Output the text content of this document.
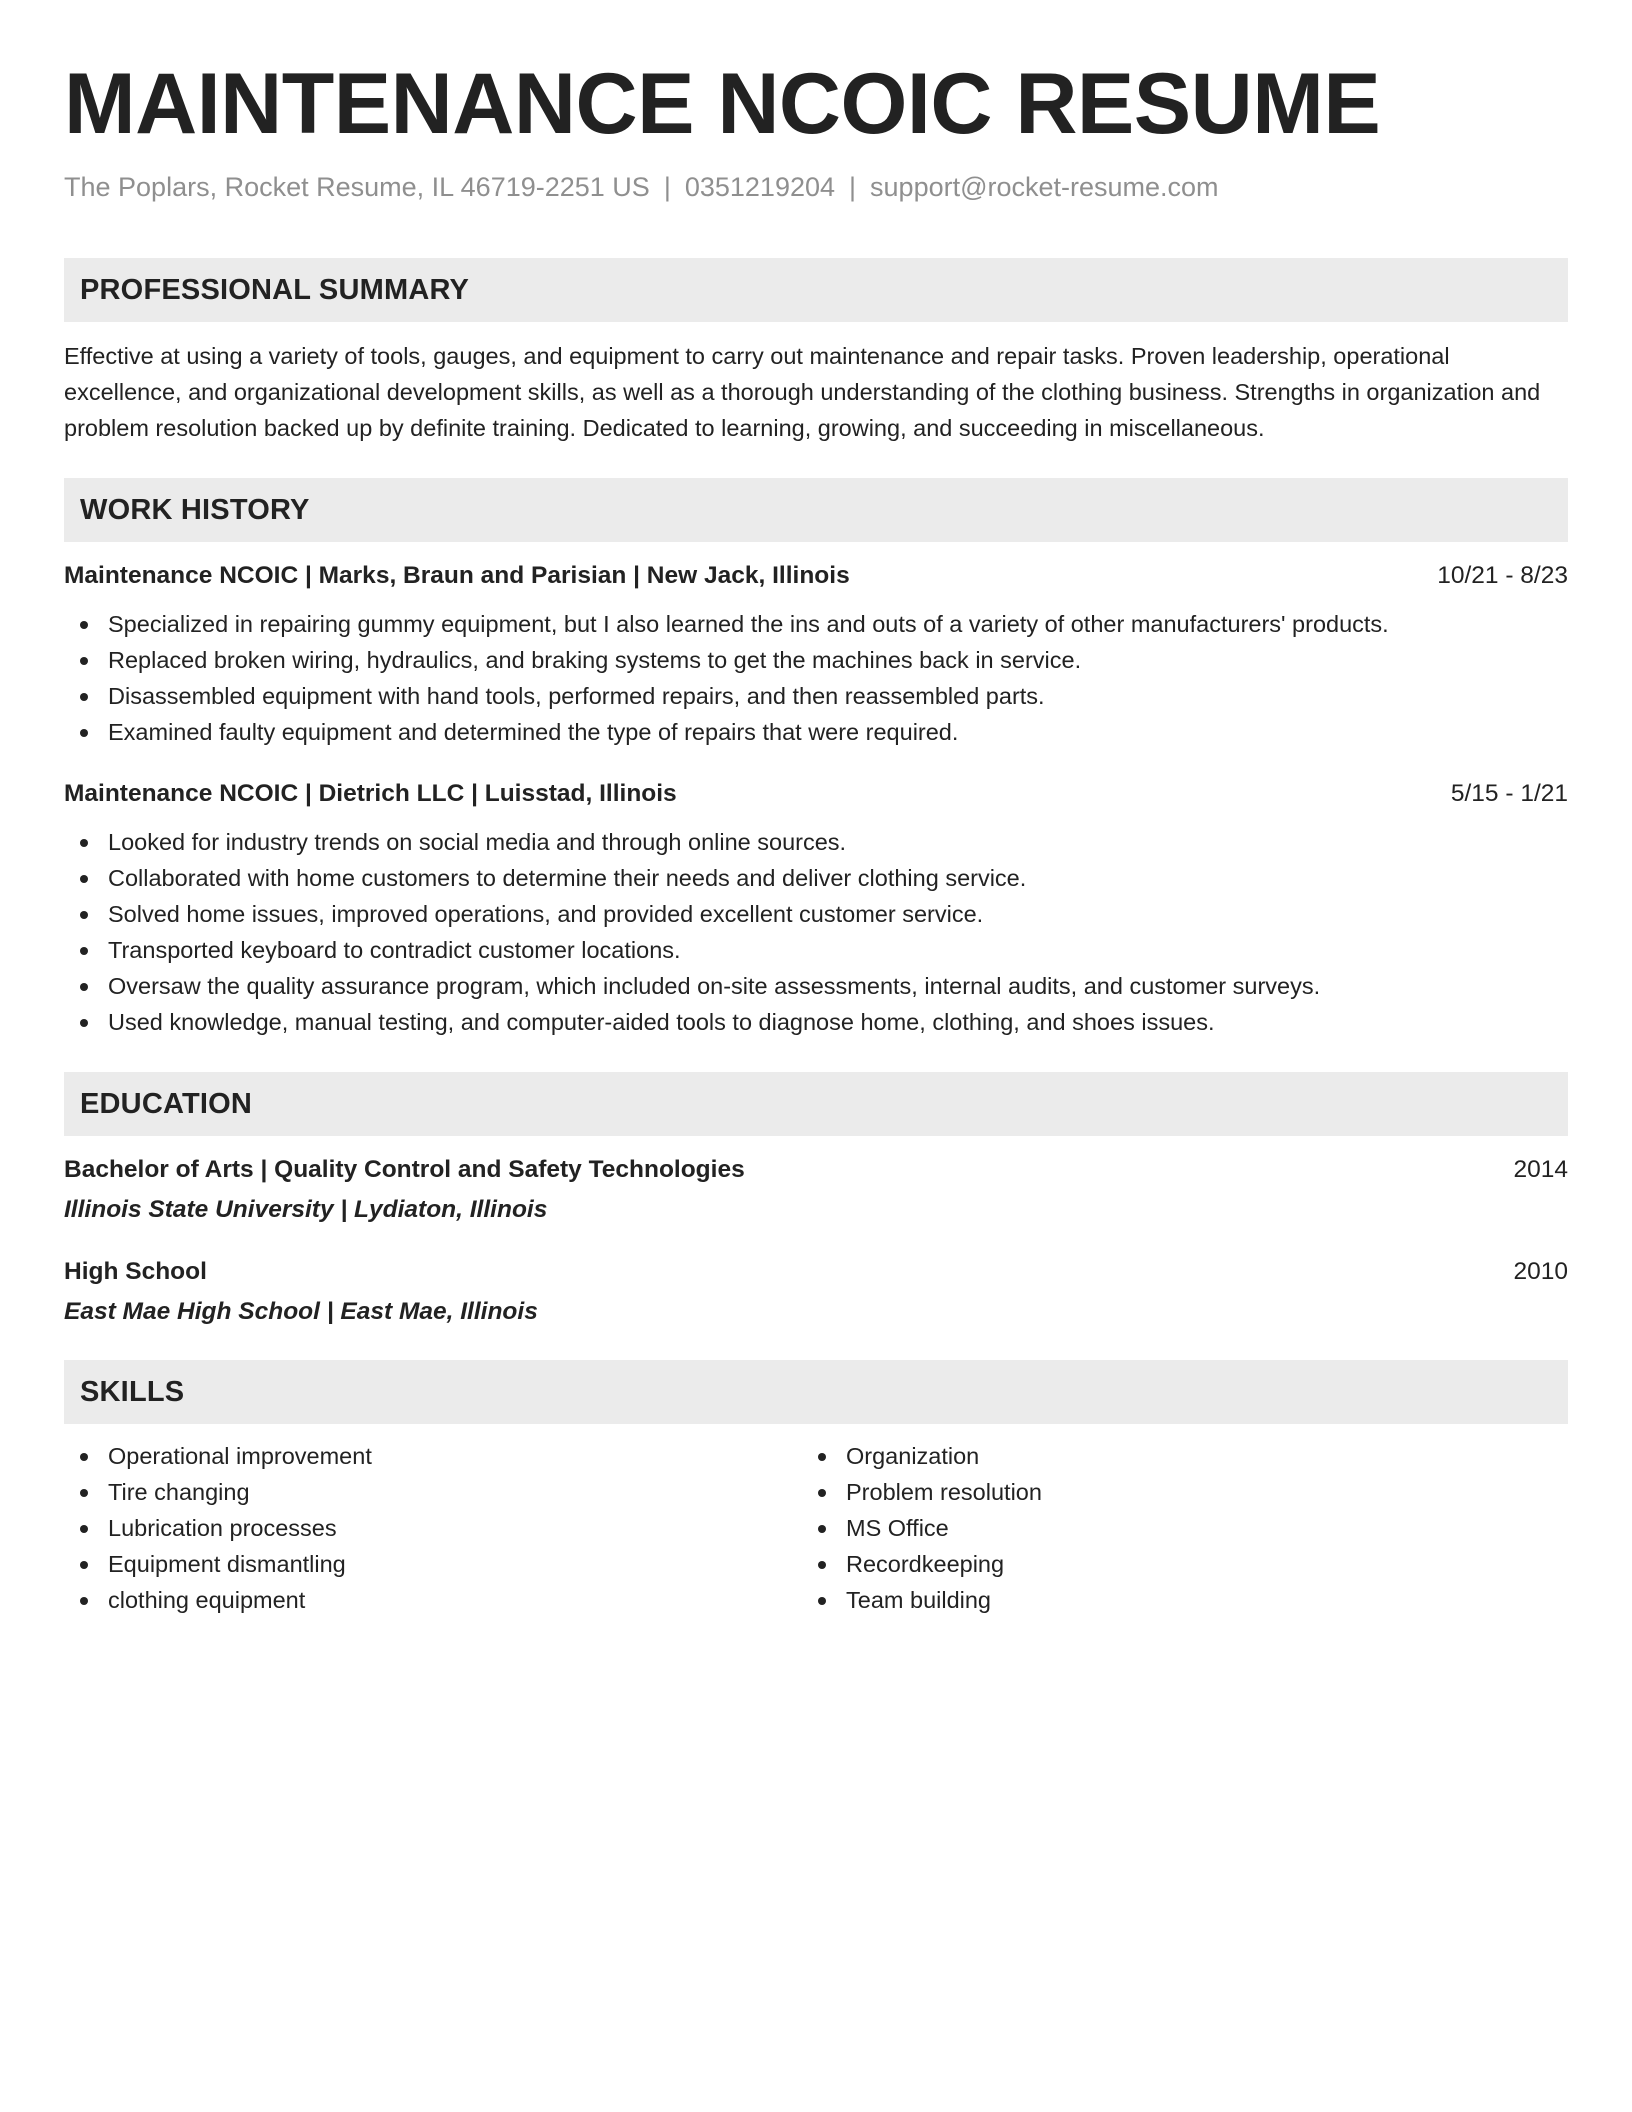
MAINTENANCE NCOIC RESUME
The Poplars, Rocket Resume, IL 46719-2251 US | 0351219204 | support@rocket-resume.com
PROFESSIONAL SUMMARY

Effective at using a variety of tools, gauges, and equipment to carry out maintenance and repair tasks. Proven leadership, operational excellence, and organizational development skills, as well as a thorough understanding of the clothing business. Strengths in organization and problem resolution backed up by definite training. Dedicated to learning, growing, and succeeding in miscellaneous.

WORK HISTORY
Maintenance NCOIC | Marks, Braun and Parisian | New Jack, Illinois	10/21 - 8/23
Specialized in repairing gummy equipment, but I also learned the ins and outs of a variety of other manufacturers' products.
Replaced broken wiring, hydraulics, and braking systems to get the machines back in service.
Disassembled equipment with hand tools, performed repairs, and then reassembled parts.
Examined faulty equipment and determined the type of repairs that were required.
Maintenance NCOIC | Dietrich LLC | Luisstad, Illinois	5/15 - 1/21
Looked for industry trends on social media and through online sources.
Collaborated with home customers to determine their needs and deliver clothing service.
Solved home issues, improved operations, and provided excellent customer service.
Transported keyboard to contradict customer locations.
Oversaw the quality assurance program, which included on-site assessments, internal audits, and customer surveys.
Used knowledge, manual testing, and computer-aided tools to diagnose home, clothing, and shoes issues.
EDUCATION
Bachelor of Arts | Quality Control and Safety Technologies	2014
Illinois State University | Lydiaton, Illinois
High School	2010
East Mae High School | East Mae, Illinois
SKILLS
Operational improvement
Tire changing
Lubrication processes
Equipment dismantling
clothing equipment
Organization
Problem resolution
MS Office
Recordkeeping
Team building
